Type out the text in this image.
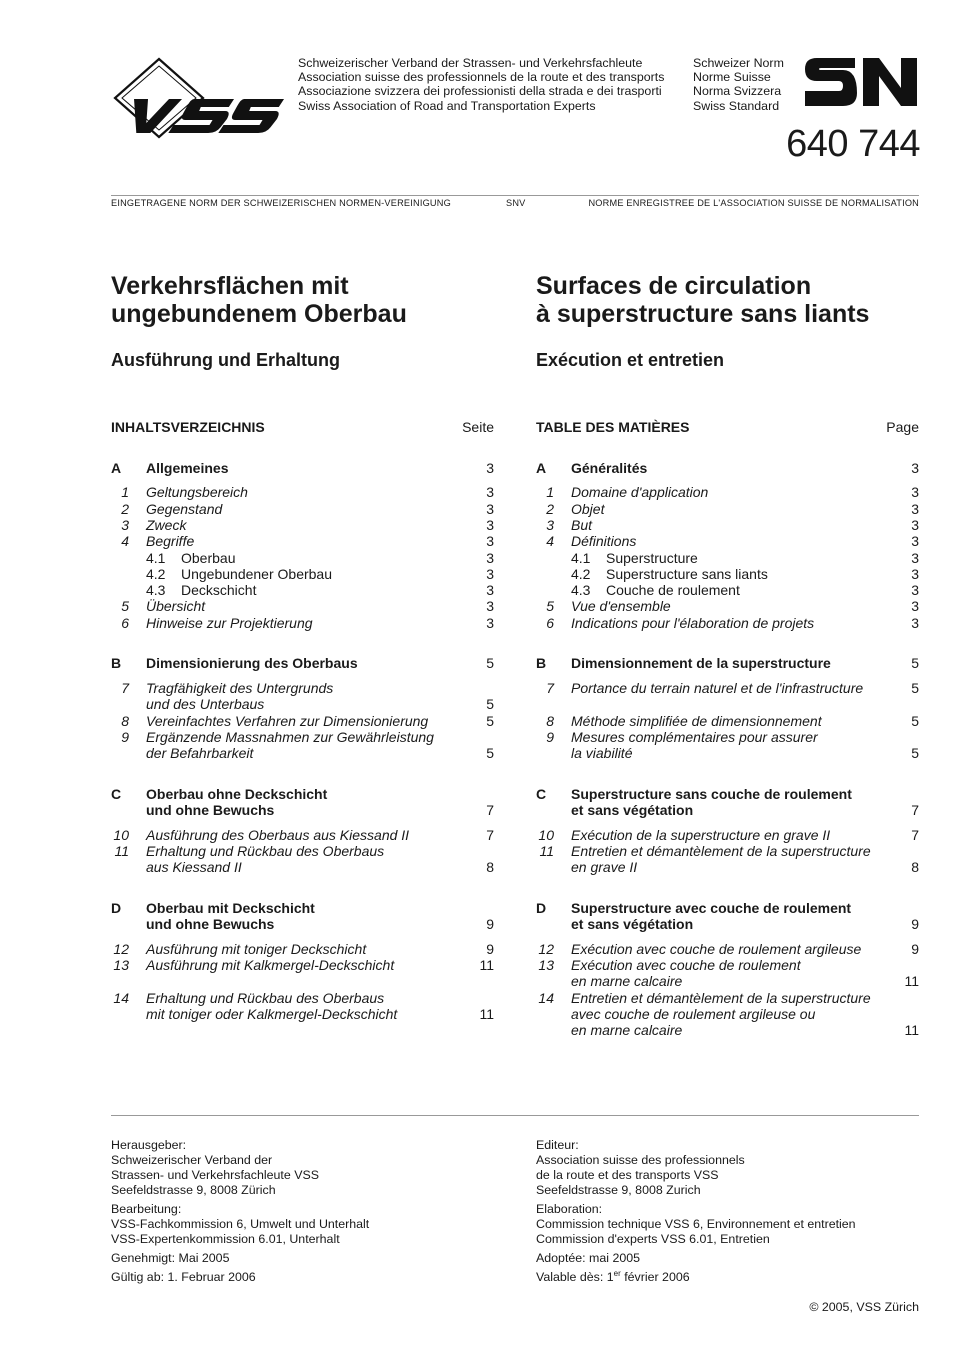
Schweizerischer Verband der Strassen- und Verkehrsfachleute
Association suisse des professionnels de la route et des transports
Associazione svizzera dei professionisti della strada e dei trasporti
Swiss Association of Road and Transportation Experts
Schweizer Norm
Norme Suisse
Norma Svizzera
Swiss Standard
640 744
EINGETRAGENE NORM DER SCHWEIZERISCHEN NORMEN-VEREINIGUNG	SNV	NORME ENREGISTREE DE L'ASSOCIATION SUISSE DE NORMALISATION
Verkehrsflächen mit
ungebundenem Oberbau
Ausführung und Erhaltung
Surfaces de circulation
à superstructure sans liants
Exécution et entretien
INHALTSVERZEICHNIS	Seite	TABLE DES MATIÈRES	Page
A Allgemeines	3
1 Geltungsbereich	3
2 Gegenstand	3
3 Zweck	3
4 Begriffe	3
4.1 Oberbau	3
4.2 Ungebundener Oberbau	3
4.3 Deckschicht	3
5 Übersicht	3
6 Hinweise zur Projektierung	3
B Dimensionierung des Oberbaus	5
7 Tragfähigkeit des Untergrunds
und des Unterbaus	5
8 Vereinfachtes Verfahren zur Dimensionierung	5
9 Ergänzende Massnahmen zur Gewährleistung
der Befahrbarkeit	5
C Oberbau ohne Deckschicht
und ohne Bewuchs	7
10 Ausführung des Oberbaus aus Kiessand II	7
11 Erhaltung und Rückbau des Oberbaus
aus Kiessand II	8
D Oberbau mit Deckschicht
und ohne Bewuchs	9
12 Ausführung mit toniger Deckschicht	9
13 Ausführung mit Kalkmergel-Deckschicht	11
14 Erhaltung und Rückbau des Oberbaus
mit toniger oder Kalkmergel-Deckschicht	11
A Généralités	3
1 Domaine d'application	3
2 Objet	3
3 But	3
4 Définitions	3
4.1 Superstructure	3
4.2 Superstructure sans liants	3
4.3 Couche de roulement	3
5 Vue d'ensemble	3
6 Indications pour l'élaboration de projets	3
B Dimensionnement de la superstructure	5
7 Portance du terrain naturel et de l'infrastructure	5
8 Méthode simplifiée de dimensionnement	5
9 Mesures complémentaires pour assurer
la viabilité	5
C Superstructure sans couche de roulement
et sans végétation	7
10 Exécution de la superstructure en grave II	7
11 Entretien et démantèlement de la superstructure
en grave II	8
D Superstructure avec couche de roulement
et sans végétation	9
12 Exécution avec couche de roulement argileuse	9
13 Exécution avec couche de roulement
en marne calcaire	11
14 Entretien et démantèlement de la superstructure
avec couche de roulement argileuse ou
en marne calcaire	11

Herausgeber:
Schweizerischer Verband der
Strassen- und Verkehrsfachleute VSS
Seefeldstrasse 9, 8008 Zürich

Bearbeitung:
VSS-Fachkommission 6, Umwelt und Unterhalt
VSS-Expertenkommission 6.01, Unterhalt

Genehmigt: Mai 2005

Gültig ab: 1. Februar 2006

Editeur:
Association suisse des professionnels
de la route et des transports VSS
Seefeldstrasse 9, 8008 Zurich

Elaboration:
Commission technique VSS 6, Environnement et entretien
Commission d'experts VSS 6.01, Entretien

Adoptée: mai 2005

Valable dès: 1er février 2006

© 2005, VSS Zürich
